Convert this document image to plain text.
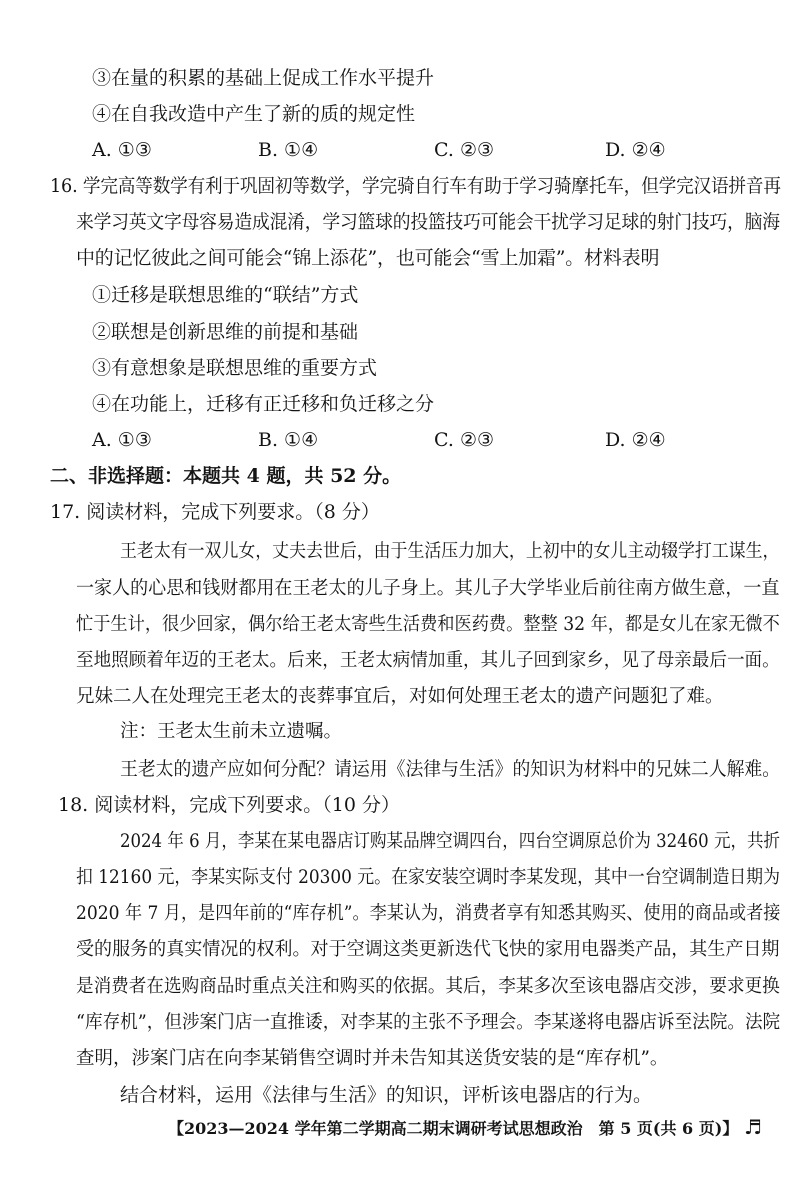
③在量的积累的基础上促成工作水平提升
④在自我改造中产生了新的质的规定性
A. ①③	B. ①④	C. ②③	D. ②④
16. 学完高等数学有利于巩固初等数学，学完骑自行车有助于学习骑摩托车，但学完汉语拼音再
来学习英文字母容易造成混淆，学习篮球的投篮技巧可能会干扰学习足球的射门技巧，脑海
中的记忆彼此之间可能会“锦上添花”，也可能会“雪上加霜”。材料表明
①迁移是联想思维的“联结”方式
②联想是创新思维的前提和基础
③有意想象是联想思维的重要方式
④在功能上，迁移有正迁移和负迁移之分
A. ①③	B. ①④	C. ②③	D. ②④
二、非选择题：本题共 4 题，共 52 分。
17. 阅读材料，完成下列要求。（8 分）
王老太有一双儿女，丈夫去世后，由于生活压力加大，上初中的女儿主动辍学打工谋生，
一家人的心思和钱财都用在王老太的儿子身上。其儿子大学毕业后前往南方做生意，一直
忙于生计，很少回家，偶尔给王老太寄些生活费和医药费。整整 32 年，都是女儿在家无微不
至地照顾着年迈的王老太。后来，王老太病情加重，其儿子回到家乡，见了母亲最后一面。
兄妹二人在处理完王老太的丧葬事宜后，对如何处理王老太的遗产问题犯了难。
注：王老太生前未立遗嘱。
王老太的遗产应如何分配？请运用《法律与生活》的知识为材料中的兄妹二人解难。
18. 阅读材料，完成下列要求。（10 分）
2024 年 6 月，李某在某电器店订购某品牌空调四台，四台空调原总价为 32460 元，共折
扣 12160 元，李某实际支付 20300 元。在家安装空调时李某发现，其中一台空调制造日期为
2020 年 7 月，是四年前的“库存机”。李某认为，消费者享有知悉其购买、使用的商品或者接
受的服务的真实情况的权利。对于空调这类更新迭代飞快的家用电器类产品，其生产日期
是消费者在选购商品时重点关注和购买的依据。其后，李某多次至该电器店交涉，要求更换
“库存机”，但涉案门店一直推诿，对李某的主张不予理会。李某遂将电器店诉至法院。法院
查明，涉案门店在向李某销售空调时并未告知其送货安装的是“库存机”。
结合材料，运用《法律与生活》的知识，评析该电器店的行为。
【2023—2024 学年第二学期高二期末调研考试思想政治　第 5 页(共 6 页)】 ♬
